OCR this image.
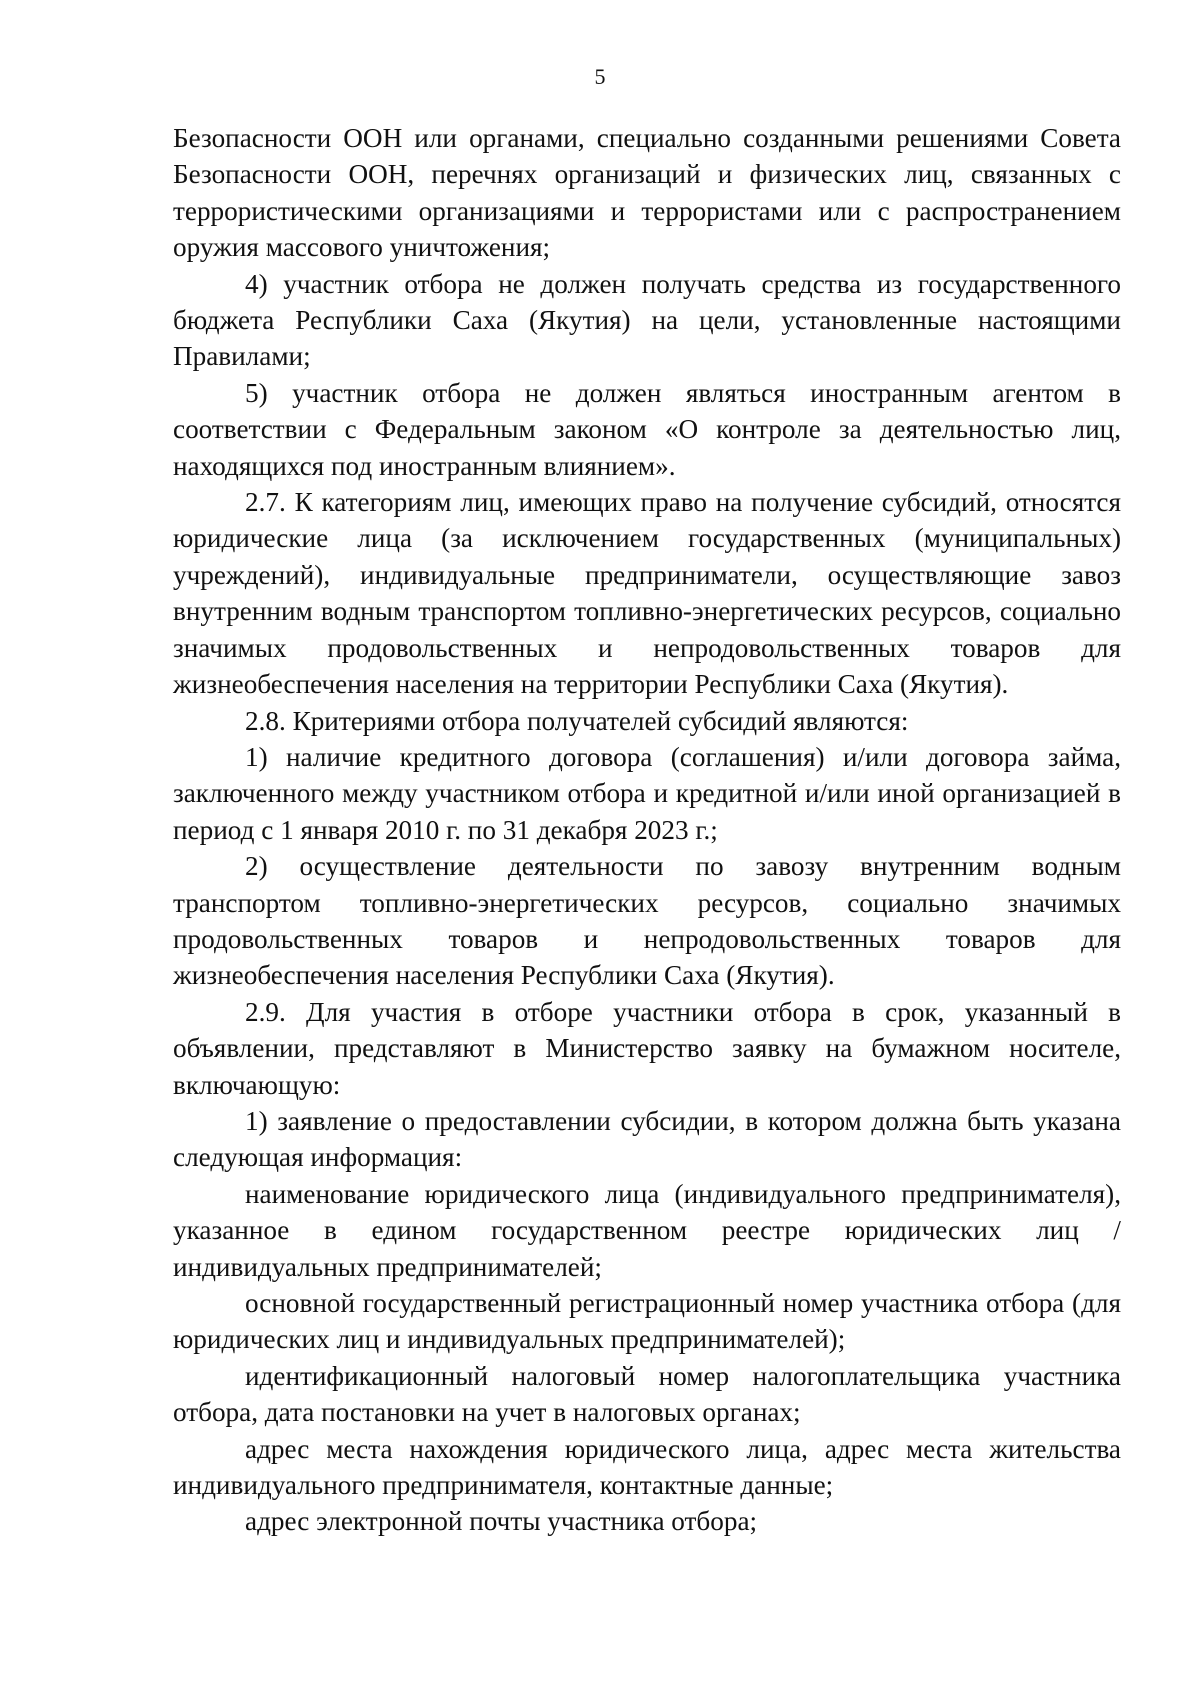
5

Безопасности ООН или органами, специально созданными решениями Совета Безопасности ООН, перечнях организаций и физических лиц, связанных с террористическими организациями и террористами или с распространением оружия массового уничтожения;

4) участник отбора не должен получать средства из государственного бюджета Республики Саха (Якутия) на цели, установленные настоящими Правилами;

5) участник отбора не должен являться иностранным агентом в соответствии с Федеральным законом «О контроле за деятельностью лиц, находящихся под иностранным влиянием».

2.7. К категориям лиц, имеющих право на получение субсидий, относятся юридические лица (за исключением государственных (муниципальных) учреждений), индивидуальные предприниматели, осуществляющие завоз внутренним водным транспортом топливно-энергетических ресурсов, социально значимых продовольственных и непродовольственных товаров для жизнеобеспечения населения на территории Республики Саха (Якутия).

2.8. Критериями отбора получателей субсидий являются:

1) наличие кредитного договора (соглашения) и/или договора займа, заключенного между участником отбора и кредитной и/или иной организацией в период с 1 января 2010 г. по 31 декабря 2023 г.;

2) осуществление деятельности по завозу внутренним водным транспортом топливно-энергетических ресурсов, социально значимых продовольственных товаров и непродовольственных товаров для жизнеобеспечения населения Республики Саха (Якутия).

2.9. Для участия в отборе участники отбора в срок, указанный в объявлении, представляют в Министерство заявку на бумажном носителе, включающую:

1) заявление о предоставлении субсидии, в котором должна быть указана следующая информация:

наименование юридического лица (индивидуального предпринимателя), указанное в едином государственном реестре юридических лиц / индивидуальных предпринимателей;

основной государственный регистрационный номер участника отбора (для юридических лиц и индивидуальных предпринимателей);

идентификационный налоговый номер налогоплательщика участника отбора, дата постановки на учет в налоговых органах;

адрес места нахождения юридического лица, адрес места жительства индивидуального предпринимателя, контактные данные;

адрес электронной почты участника отбора;
